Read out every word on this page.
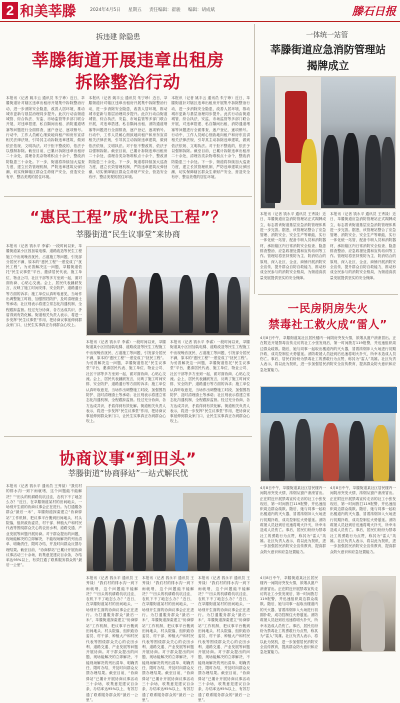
2 和美莘滕	2024年4月5日 星期五 责任编辑：翟骏 编辑：胡成斌	滕石日报
拆违建 除隐患
莘滕街道开展违章出租房
拆除整治行动
本报讯（记者 姚丰云 通讯员 朱宁珍）近日，莘滕街道针对辖区违章出租房开展集中拆除整治行动，进一步消除安全隐患，改善人居环境，推动城市更新与基层治理同步提升。此次行动由街道城管、综合执法、安监、市场监管等多部门联合开展，对违章搭建、私自隔间出租、消防通道堵塞等问题进行全面排查，逐户登记、逐项销号。行动中，工作人员耐心细致地向租户和房东宣讲相关法律法规，引导其主动拆除违章建筑，做到依法依规、文明执法。对于拒不整改的，依法予以强制拆除。截至目前，已累计拆除违章出租房二十余处，清理各类杂物堆积点十余个，整改消防隐患三十余处。下一步，街道将持续加大巡查力度，建立长效管理机制，严防违章建筑反弹回潮，切实保障辖区群众生命财产安全，营造安全有序、整洁美观的居住环境。
本报讯（记者 姚丰云 通讯员 朱宁珍）近日，莘滕街道针对辖区违章出租房开展集中拆除整治行动，进一步消除安全隐患，改善人居环境，推动城市更新与基层治理同步提升。此次行动由街道城管、综合执法、安监、市场监管等多部门联合开展，对违章搭建、私自隔间出租、消防通道堵塞等问题进行全面排查，逐户登记、逐项销号。行动中，工作人员耐心细致地向租户和房东宣讲相关法律法规，引导其主动拆除违章建筑，做到依法依规、文明执法。对于拒不整改的，依法予以强制拆除。截至目前，已累计拆除违章出租房二十余处，清理各类杂物堆积点十余个，整改消防隐患三十余处。下一步，街道将持续加大巡查力度，建立长效管理机制，严防违章建筑反弹回潮，切实保障辖区群众生命财产安全，营造安全有序、整洁美观的居住环境。
本报讯（记者 姚丰云 通讯员 朱宁珍）近日，莘滕街道针对辖区违章出租房开展集中拆除整治行动，进一步消除安全隐患，改善人居环境，推动城市更新与基层治理同步提升。此次行动由街道城管、综合执法、安监、市场监管等多部门联合开展，对违章搭建、私自隔间出租、消防通道堵塞等问题进行全面排查，逐户登记、逐项销号。行动中，工作人员耐心细致地向租户和房东宣讲相关法律法规，引导其主动拆除违章建筑，做到依法依规、文明执法。对于拒不整改的，依法予以强制拆除。截至目前，已累计拆除违章出租房二十余处，清理各类杂物堆积点十余个，整改消防隐患三十余处。下一步，街道将持续加大巡查力度，建立长效管理机制，严防违章建筑反弹回潮，切实保障辖区群众生命财产安全，营造安全有序、整洁美观的居住环境。
一体统一站管
莘滕街道应急消防管理站
揭牌成立
本报讯（记者 钱永平 通讯员 王秀禄）近日，莘滕街道应急消防管理站正式揭牌成立，标志着该街道基层应急消防管理体系进一步完善。据悉，该管理站整合了应急管理、消防安全、安全生产等职能，实行一体化统一站管，配备专职人员和消防器材，承担辖区内日常消防安全检查、隐患排查整治、应急救援处置和宣传培训等工作。管理站将坚持预防为主、防消结合的原则，深入社区、企业、商铺开展消防安全宣传，提升群众自防自救能力，推动形成全民参与的消防安全格局，为街道高质量发展提供坚实的安全保障。
本报讯（记者 钱永平 通讯员 王秀禄）近日，莘滕街道应急消防管理站正式揭牌成立，标志着该街道基层应急消防管理体系进一步完善。据悉，该管理站整合了应急管理、消防安全、安全生产等职能，实行一体化统一站管，配备专职人员和消防器材，承担辖区内日常消防安全检查、隐患排查整治、应急救援处置和宣传培训等工作。管理站将坚持预防为主、防消结合的原则，深入社区、企业、商铺开展消防安全宣传，提升群众自防自救能力，推动形成全民参与的消防安全格局，为街道高质量发展提供坚实的安全保障。
“惠民工程”成“扰民工程”？
莘滕街道“民生议事堂”来协商
本报讯（记者 钱永平 李睿）一段时间以来，莘滕街道某小区因加装电梯、道路改造等民生工程施工中出现噪音扰民、占道施工等问题，引发部分居民不满，原本的“惠民工程”一度变成了“扰民工程”。为妥善解决这一问题，莘滕街道依托“民生议事堂”平台，邀请居民代表、施工单位、物业公司、社区干部等多方坐到一起，面对面协商、心贴心交流。会上，居民代表踊跃发言，反映了施工时间安排、安全防护、道路通行等方面的诉求；施工单位认真听取意见，当场作出调整施工时段、加强围挡防护、及时清理渣土等承诺；社区则表示将建立常态化沟通机制，全程跟踪监督。经过充分协商，各方达成共识，矛盾得到有效化解。街道相关负责人表示，将进一步发挥“民生议事堂”作用，把协商议事延伸到群众家门口，让民生实事真正办到群众心坎上。
本报讯（记者 钱永平 李睿）一段时间以来，莘滕街道某小区因加装电梯、道路改造等民生工程施工中出现噪音扰民、占道施工等问题，引发部分居民不满，原本的“惠民工程”一度变成了“扰民工程”。为妥善解决这一问题，莘滕街道依托“民生议事堂”平台，邀请居民代表、施工单位、物业公司、社区干部等多方坐到一起，面对面协商、心贴心交流。会上，居民代表踊跃发言，反映了施工时间安排、安全防护、道路通行等方面的诉求；施工单位认真听取意见，当场作出调整施工时段、加强围挡防护、及时清理渣土等承诺；社区则表示将建立常态化沟通机制，全程跟踪监督。经过充分协商，各方达成共识，矛盾得到有效化解。街道相关负责人表示，将进一步发挥“民生议事堂”作用，把协商议事延伸到群众家门口，让民生实事真正办到群众心坎上。
本报讯（记者 钱永平 李睿）一段时间以来，莘滕街道某小区因加装电梯、道路改造等民生工程施工中出现噪音扰民、占道施工等问题，引发部分居民不满，原本的“惠民工程”一度变成了“扰民工程”。为妥善解决这一问题，莘滕街道依托“民生议事堂”平台，邀请居民代表、施工单位、物业公司、社区干部等多方坐到一起，面对面协商、心贴心交流。会上，居民代表踊跃发言，反映了施工时间安排、安全防护、道路通行等方面的诉求；施工单位认真听取意见，当场作出调整施工时段、加强围挡防护、及时清理渣土等承诺；社区则表示将建立常态化沟通机制，全程跟踪监督。经过充分协商，各方达成共识，矛盾得到有效化解。街道相关负责人表示，将进一步发挥“民生议事堂”作用，把协商议事延伸到群众家门口，让民生实事真正办到群众心坎上。
一民房阴房失火
禁毒社工救火成“雷人”
4月8日中午，莘滕街道某社区居民楼内一间阴房突发火情，浓烟从窗户滚滚冒出。正在附近开展禁毒宣传走访的社工小张发现后，第一时间拨打119报警，并迅速组织周边群众疏散。随后，她与同事一起取出楼道内的灭火器，冒着浓烟冲入火场进行初期扑救，成功控制住火势蔓延。消防救援人员赶到后迅速将明火扑灭，所幸未造成人员伤亡。事后，居民们纷纷为禁毒社工的勇敢行为点赞，称其为“雷人”英雄。社区负责人表示，将以此为契机，进一步加强居民消防安全宣传教育，提高群众防火意识和应急处置能力。
4月8日中午，莘滕街道某社区居民楼内一间阴房突发火情，浓烟从窗户滚滚冒出。正在附近开展禁毒宣传走访的社工小张发现后，第一时间拨打119报警，并迅速组织周边群众疏散。随后，她与同事一起取出楼道内的灭火器，冒着浓烟冲入火场进行初期扑救，成功控制住火势蔓延。消防救援人员赶到后迅速将明火扑灭，所幸未造成人员伤亡。事后，居民们纷纷为禁毒社工的勇敢行为点赞，称其为“雷人”英雄。社区负责人表示，将以此为契机，进一步加强居民消防安全宣传教育，提高群众防火意识和应急处置能力。
4月8日中午，莘滕街道某社区居民楼内一间阴房突发火情，浓烟从窗户滚滚冒出。正在附近开展禁毒宣传走访的社工小张发现后，第一时间拨打119报警，并迅速组织周边群众疏散。随后，她与同事一起取出楼道内的灭火器，冒着浓烟冲入火场进行初期扑救，成功控制住火势蔓延。消防救援人员赶到后迅速将明火扑灭，所幸未造成人员伤亡。事后，居民们纷纷为禁毒社工的勇敢行为点赞，称其为“雷人”英雄。社区负责人表示，将以此为契机，进一步加强居民消防安全宣传教育，提高群众防火意识和应急处置能力。
4月8日中午，莘滕街道某社区居民楼内一间阴房突发火情，浓烟从窗户滚滚冒出。正在附近开展禁毒宣传走访的社工小张发现后，第一时间拨打119报警，并迅速组织周边群众疏散。随后，她与同事一起取出楼道内的灭火器，冒着浓烟冲入火场进行初期扑救，成功控制住火势蔓延。消防救援人员赶到后迅速将明火扑灭，所幸未造成人员伤亡。事后，居民们纷纷为禁毒社工的勇敢行为点赞，称其为“雷人”英雄。社区负责人表示，将以此为契机，进一步加强居民消防安全宣传教育，提高群众防火意识和应急处置能力。
协商议事“到田头”
莘滕街道“协商驿站”一站式解民忧
本报讯（记者 钱永平 通讯员 王秀禄）“我们村的排水沟一到下雨就堵，这个问题能不能解决？”“田头的机耕路坑坑洼洼，农机下不了地怎么办？”近日，在莘滕街道某村的田间地头，一场别开生面的协商议事会正在进行。为打通服务群众“最后一米”，莘滕街道探索建立“协商驿站”工作机制，把议事平台搬到田间地头、村头院落，组织政协委员、村干部、种植大户和村民代表等围绕群众关心的农田水利、道路交通、产业发展等问题开展协商。对于群众提出的问题，现场能解决的立即解决，不能现场解决的列出清单、明确责任、限时办结，并及时向群众反馈办理结果。截至目前，“协商驿站”已累计开展协商议事活动三十余场，收集意见建议百余条，办结率达95%以上，有效打通了联系服务群众的“最后一公里”。
本报讯（记者 钱永平 通讯员 王秀禄）“我们村的排水沟一到下雨就堵，这个问题能不能解决？”“田头的机耕路坑坑洼洼，农机下不了地怎么办？”近日，在莘滕街道某村的田间地头，一场别开生面的协商议事会正在进行。为打通服务群众“最后一米”，莘滕街道探索建立“协商驿站”工作机制，把议事平台搬到田间地头、村头院落，组织政协委员、村干部、种植大户和村民代表等围绕群众关心的农田水利、道路交通、产业发展等问题开展协商。对于群众提出的问题，现场能解决的立即解决，不能现场解决的列出清单、明确责任、限时办结，并及时向群众反馈办理结果。截至目前，“协商驿站”已累计开展协商议事活动三十余场，收集意见建议百余条，办结率达95%以上，有效打通了联系服务群众的“最后一公里”。
本报讯（记者 钱永平 通讯员 王秀禄）“我们村的排水沟一到下雨就堵，这个问题能不能解决？”“田头的机耕路坑坑洼洼，农机下不了地怎么办？”近日，在莘滕街道某村的田间地头，一场别开生面的协商议事会正在进行。为打通服务群众“最后一米”，莘滕街道探索建立“协商驿站”工作机制，把议事平台搬到田间地头、村头院落，组织政协委员、村干部、种植大户和村民代表等围绕群众关心的农田水利、道路交通、产业发展等问题开展协商。对于群众提出的问题，现场能解决的立即解决，不能现场解决的列出清单、明确责任、限时办结，并及时向群众反馈办理结果。截至目前，“协商驿站”已累计开展协商议事活动三十余场，收集意见建议百余条，办结率达95%以上，有效打通了联系服务群众的“最后一公里”。
本报讯（记者 钱永平 通讯员 王秀禄）“我们村的排水沟一到下雨就堵，这个问题能不能解决？”“田头的机耕路坑坑洼洼，农机下不了地怎么办？”近日，在莘滕街道某村的田间地头，一场别开生面的协商议事会正在进行。为打通服务群众“最后一米”，莘滕街道探索建立“协商驿站”工作机制，把议事平台搬到田间地头、村头院落，组织政协委员、村干部、种植大户和村民代表等围绕群众关心的农田水利、道路交通、产业发展等问题开展协商。对于群众提出的问题，现场能解决的立即解决，不能现场解决的列出清单、明确责任、限时办结，并及时向群众反馈办理结果。截至目前，“协商驿站”已累计开展协商议事活动三十余场，收集意见建议百余条，办结率达95%以上，有效打通了联系服务群众的“最后一公里”。
